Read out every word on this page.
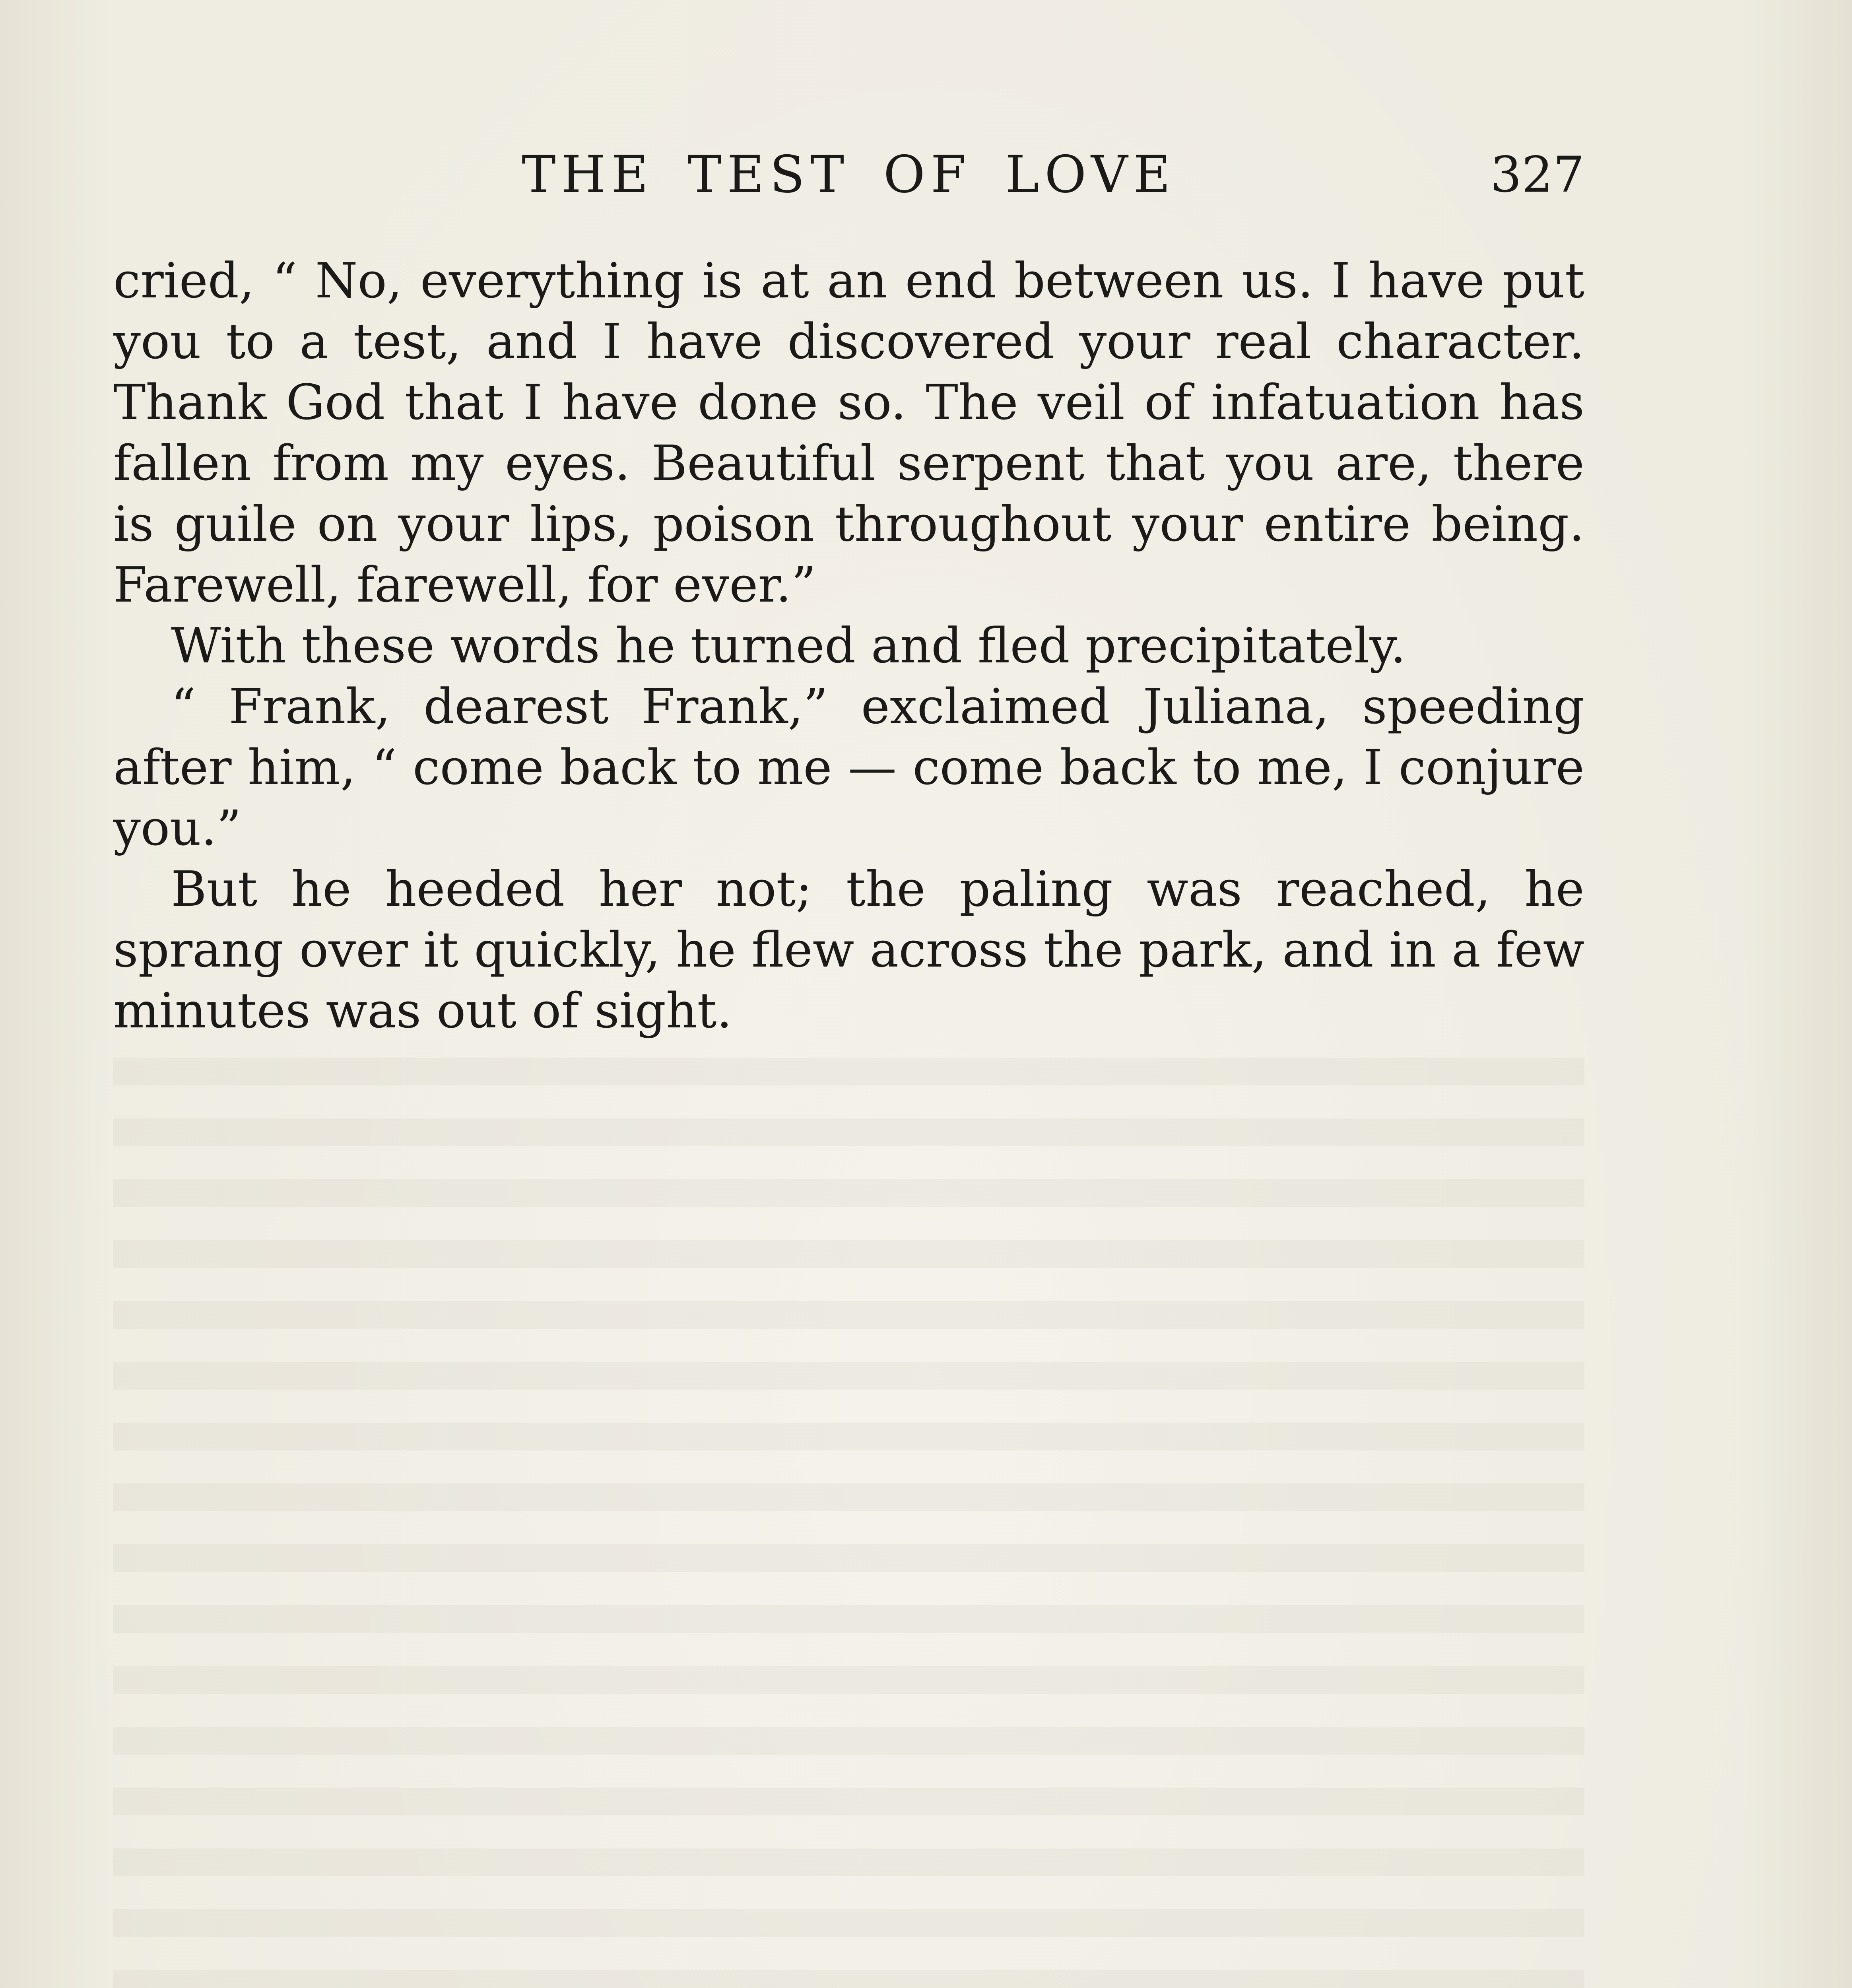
THE TEST OF LOVE	327

cried, “ No, everything is at an end between us. I have put you to a test, and I have discovered your real character. Thank God that I have done so. The veil of infatuation has fallen from my eyes. Beautiful serpent that you are, there is guile on your lips, poison throughout your entire being. Farewell, farewell, for ever.”

With these words he turned and fled precipitately.

“ Frank, dearest Frank,” exclaimed Juliana, speeding after him, “ come back to me — come back to me, I conjure you.”

But he heeded her not; the paling was reached, he sprang over it quickly, he flew across the park, and in a few minutes was out of sight.
